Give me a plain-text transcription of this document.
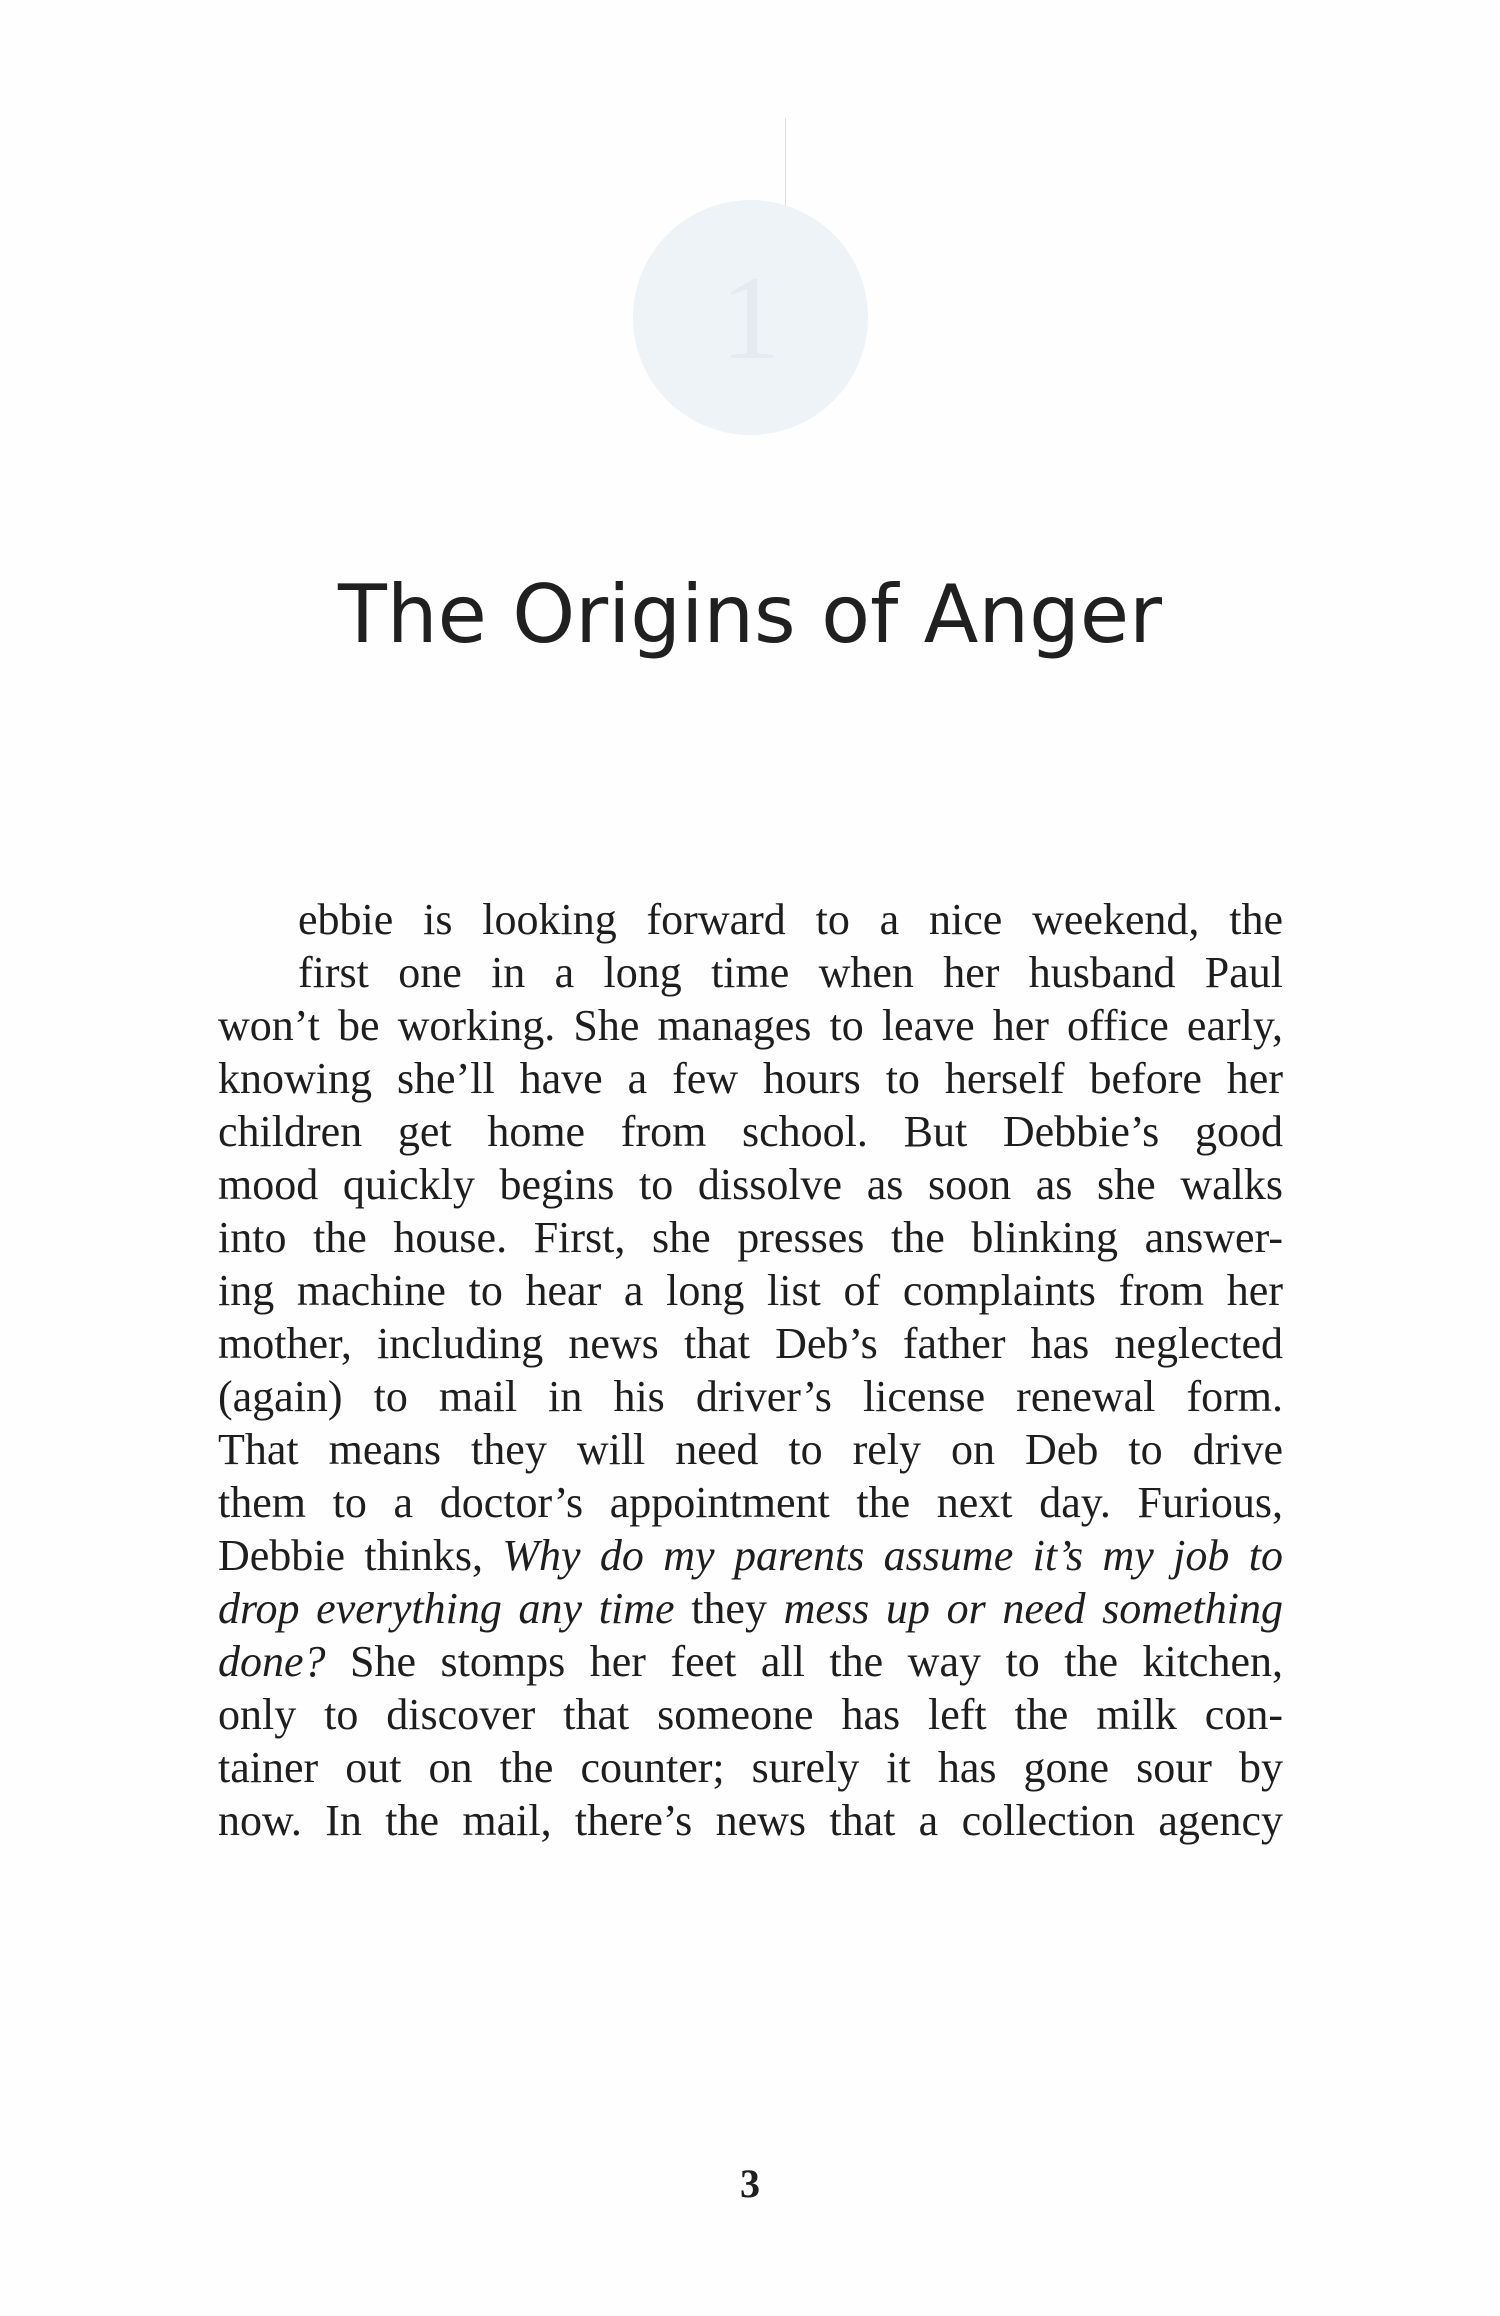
1
The Origins of Anger
ebbie is looking forward to a nice weekend, the
first one in a long time when her husband Paul
won’t be working. She manages to leave her office early,
knowing she’ll have a few hours to herself before her
children get home from school. But Debbie’s good
mood quickly begins to dissolve as soon as she walks
into the house. First, she presses the blinking answer-
ing machine to hear a long list of complaints from her
mother, including news that Deb’s father has neglected
(again) to mail in his driver’s license renewal form.
That means they will need to rely on Deb to drive
them to a doctor’s appointment the next day. Furious,
Debbie thinks, Why do my parents assume it’s my job to
drop everything any time they mess up or need something
done? She stomps her feet all the way to the kitchen,
only to discover that someone has left the milk con-
tainer out on the counter; surely it has gone sour by
now. In the mail, there’s news that a collection agency
3
